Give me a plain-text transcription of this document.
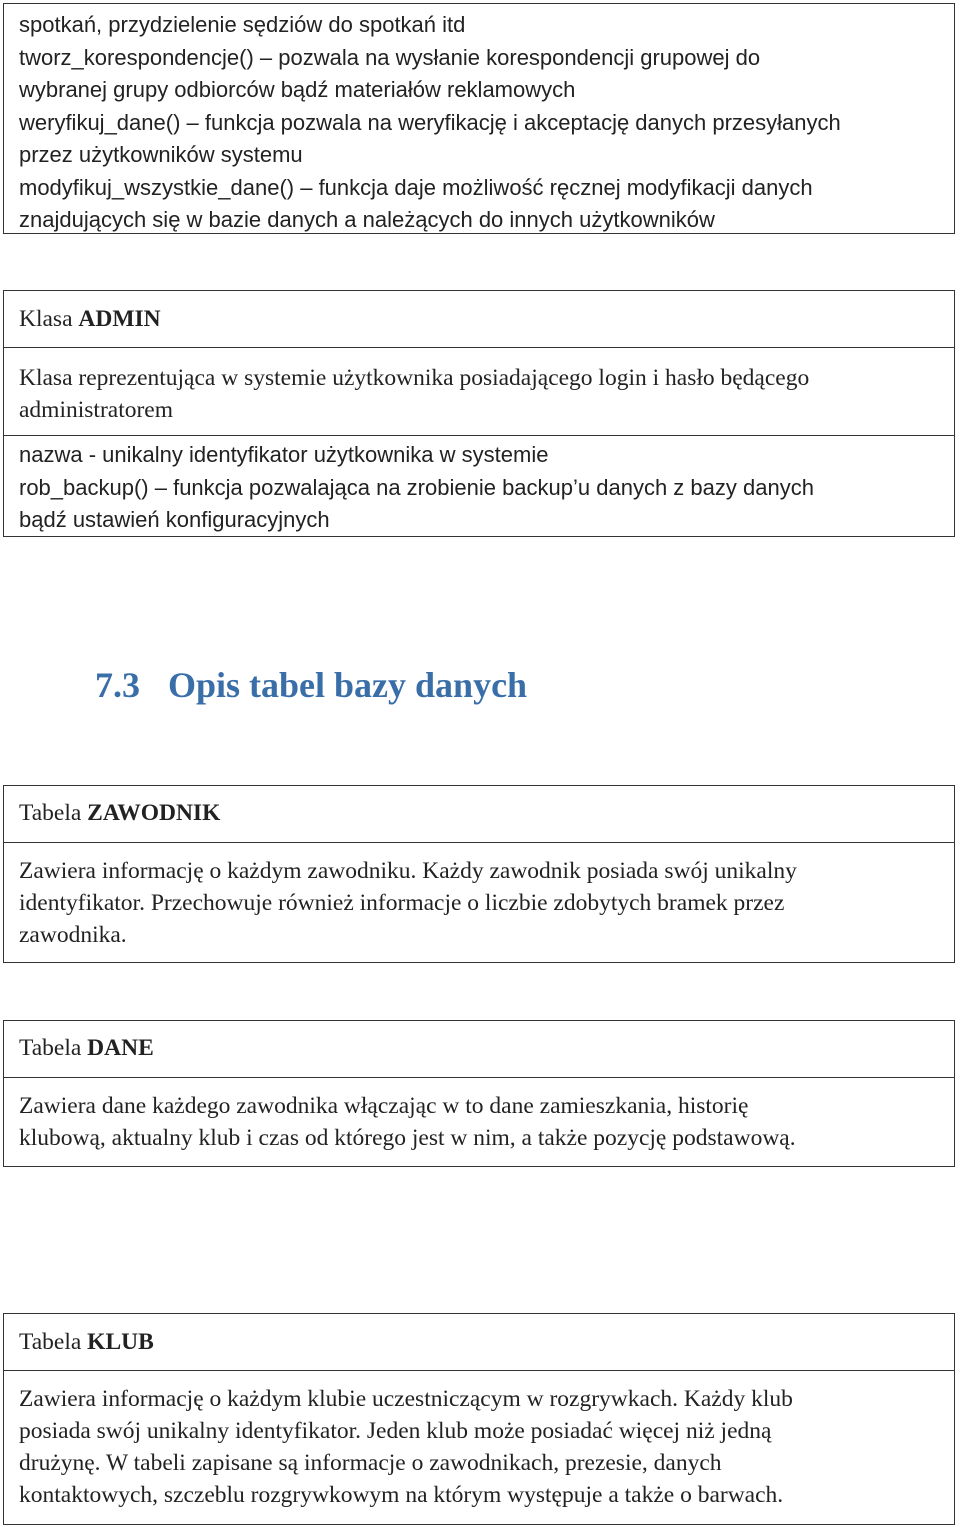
spotkań, przydzielenie sędziów do spotkań itd
tworz_korespondencje() – pozwala na wysłanie korespondencji grupowej do
wybranej grupy odbiorców bądź materiałów reklamowych
weryfikuj_dane() – funkcja pozwala na weryfikację i akceptację danych przesyłanych
przez użytkowników systemu
modyfikuj_wszystkie_dane() – funkcja daje możliwość ręcznej modyfikacji danych
znajdujących się w bazie danych a należących do innych użytkowników
Klasa ADMIN
Klasa reprezentująca w systemie użytkownika posiadającego login i hasło będącego
administratorem
nazwa - unikalny identyfikator użytkownika w systemie
rob_backup() – funkcja pozwalająca na zrobienie backup’u danych z bazy danych
bądź ustawień konfiguracyjnych
7.3 Opis tabel bazy danych
Tabela ZAWODNIK
Zawiera informację o każdym zawodniku. Każdy zawodnik posiada swój unikalny
identyfikator. Przechowuje również informacje o liczbie zdobytych bramek przez
zawodnika.
Tabela DANE
Zawiera dane każdego zawodnika włączając w to dane zamieszkania, historię
klubową, aktualny klub i czas od którego jest w nim, a także pozycję podstawową.
Tabela KLUB
Zawiera informację o każdym klubie uczestniczącym w rozgrywkach. Każdy klub
posiada swój unikalny identyfikator. Jeden klub może posiadać więcej niż jedną
drużynę. W tabeli zapisane są informacje o zawodnikach, prezesie, danych
kontaktowych, szczeblu rozgrywkowym na którym występuje a także o barwach.
